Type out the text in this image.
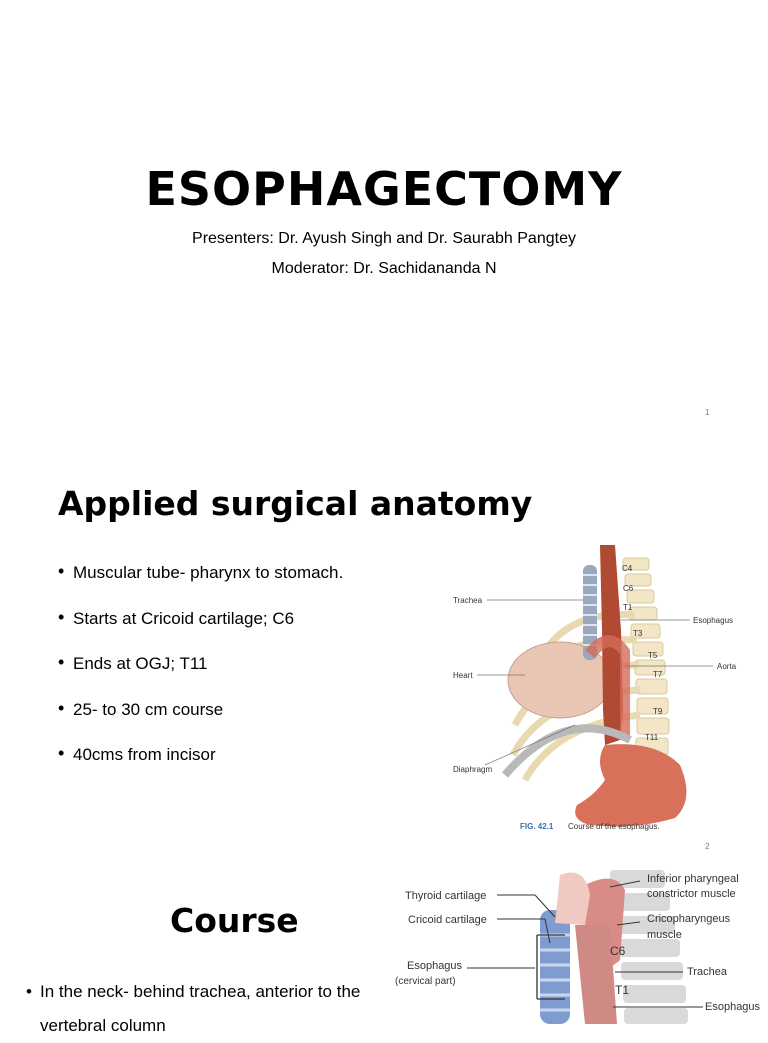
ESOPHAGECTOMY
Presenters: Dr. Ayush Singh and Dr. Saurabh Pangtey
Moderator: Dr. Sachidananda N
1
Applied surgical anatomy
• Muscular tube- pharynx to stomach.
• Starts at Cricoid cartilage; C6
• Ends at OGJ; T11
• 25- to 30 cm course
• 40cms from incisor
Trachea
Heart
Diaphragm
Esophagus
Aorta
C4
C6
T1
T3
T5
T7
T9
T11
FIG. 42.1 Course of the esophagus.
2
Course
• In the neck- behind trachea, anterior to the vertebral column
Thyroid cartilage
Cricoid cartilage
Esophagus
(cervical part)
Inferior pharyngeal
constrictor muscle
Cricopharyngeus
muscle
Trachea
Esophagus
C6
T1
